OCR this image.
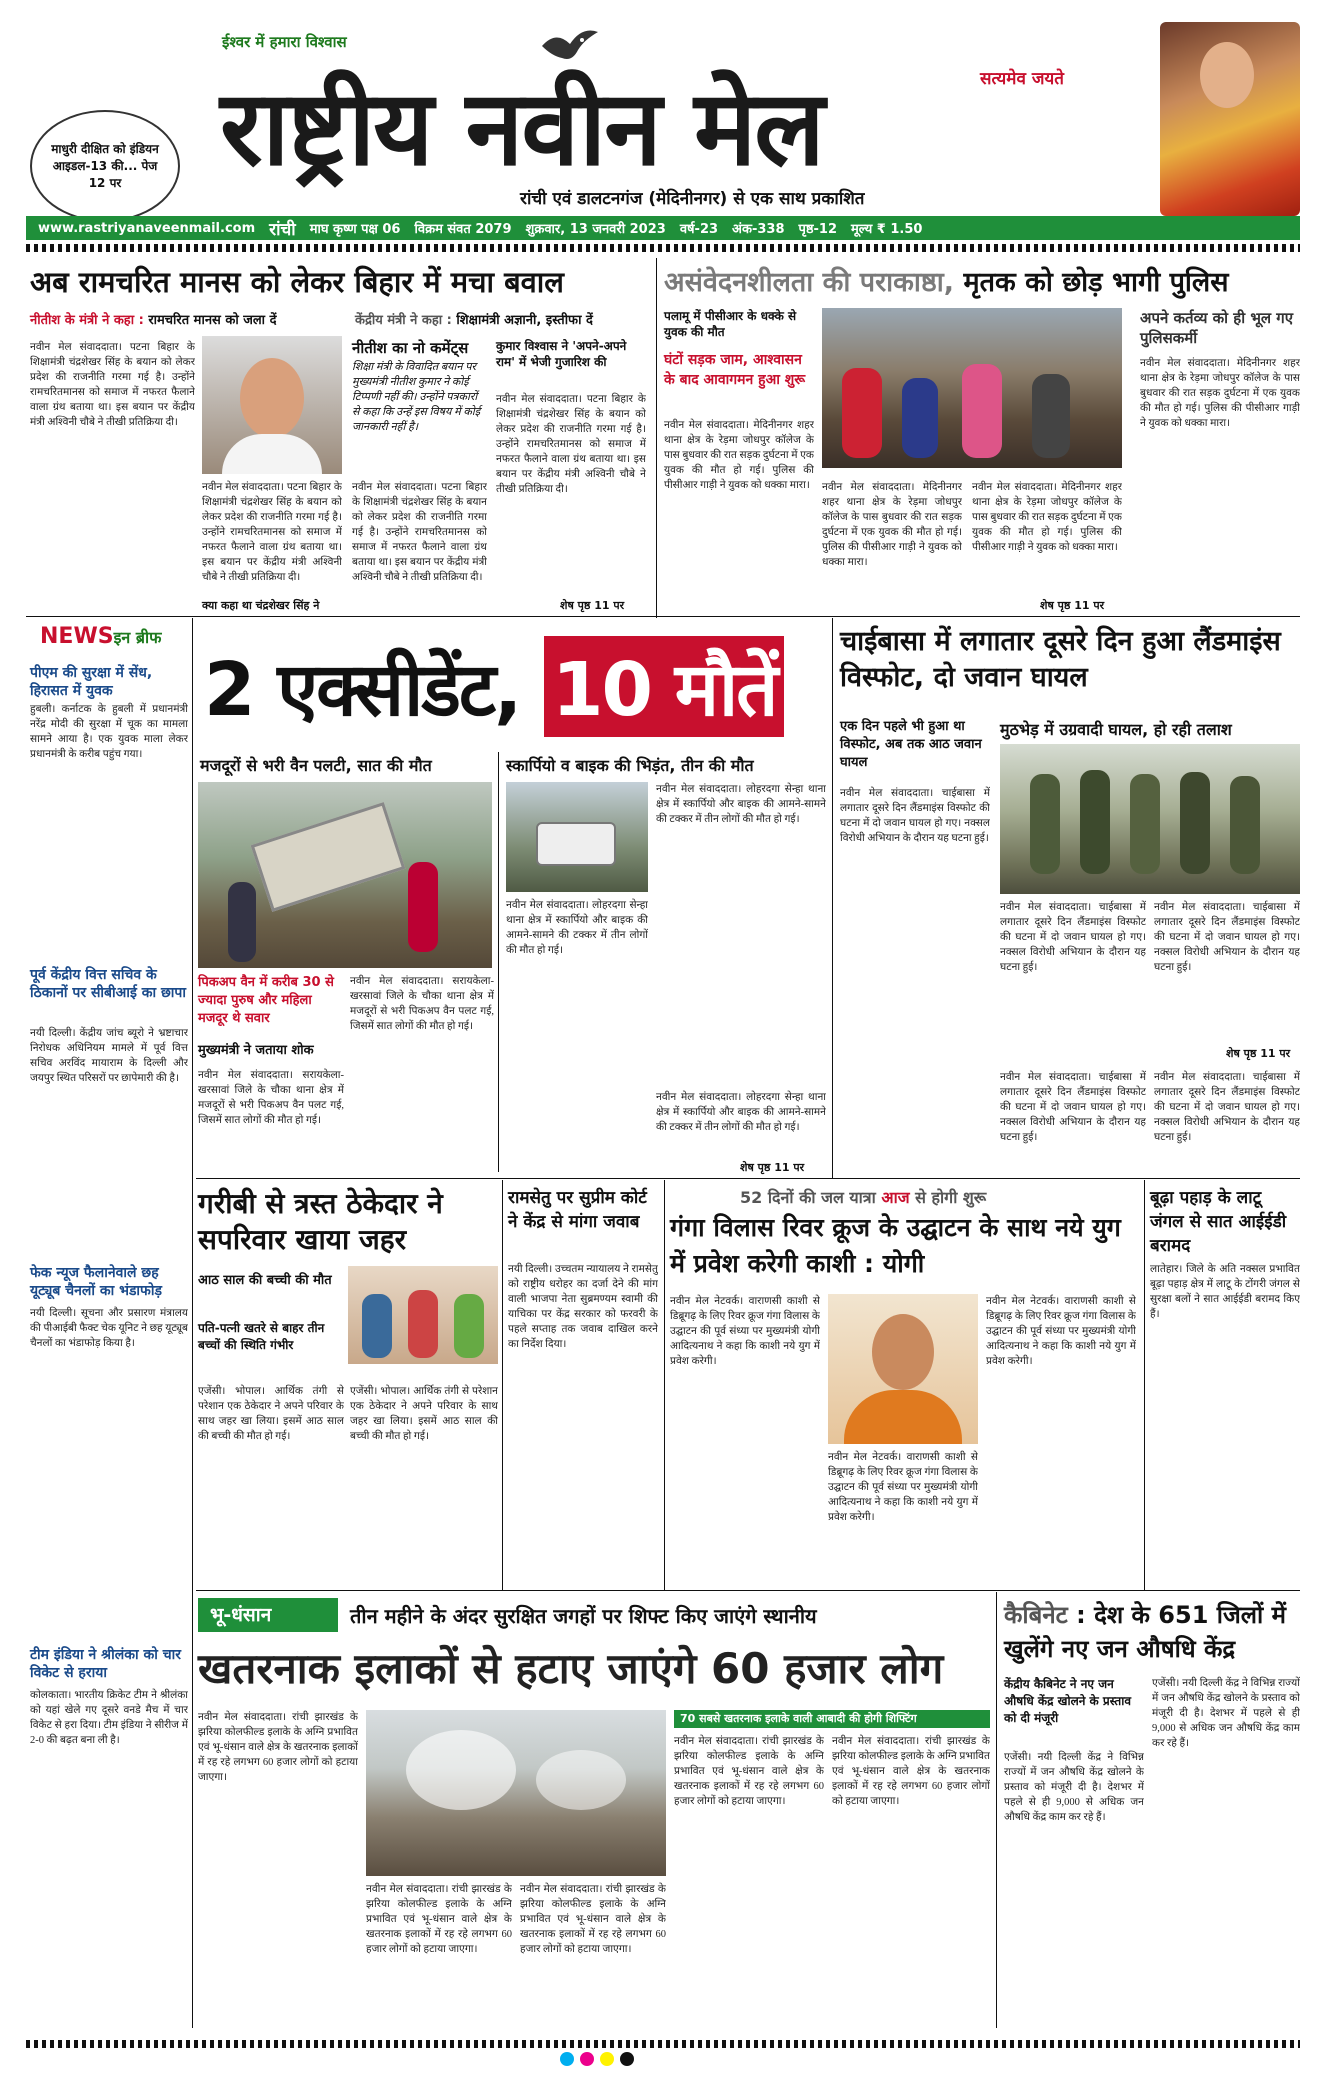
ईश्वर में हमारा विश्वास
सत्यमेव जयते
राष्ट्रीय नवीन मेल
रांची एवं डालटनगंज (मेदिनीनगर) से एक साथ प्रकाशित
माधुरी दीक्षित को इंडियन आइडल-13 की... पेज 12 पर
www.rastriyanaveenmail.com रांची माघ कृष्ण पक्ष 06 विक्रम संवत 2079 शुक्रवार, 13 जनवरी 2023 वर्ष-23 अंक-338 पृष्ठ-12 मूल्य ₹ 1.50
अब रामचरित मानस को लेकर बिहार में मचा बवाल
नीतीश के मंत्री ने कहा : रामचरित मानस को जला दें	केंद्रीय मंत्री ने कहा : शिक्षामंत्री अज्ञानी, इस्तीफा दें
नवीन मेल संवाददाता। पटना बिहार के शिक्षामंत्री चंद्रशेखर सिंह के बयान को लेकर प्रदेश की राजनीति गरमा गई है। उन्होंने रामचरितमानस को समाज में नफरत फैलाने वाला ग्रंथ बताया था। इस बयान पर केंद्रीय मंत्री अश्विनी चौबे ने तीखी प्रतिक्रिया दी।
नवीन मेल संवाददाता। पटना बिहार के शिक्षामंत्री चंद्रशेखर सिंह के बयान को लेकर प्रदेश की राजनीति गरमा गई है। उन्होंने रामचरितमानस को समाज में नफरत फैलाने वाला ग्रंथ बताया था। इस बयान पर केंद्रीय मंत्री अश्विनी चौबे ने तीखी प्रतिक्रिया दी।
नीतीश का नो कमेंट्स
शिक्षा मंत्री के विवादित बयान पर मुख्यमंत्री नीतीश कुमार ने कोई टिप्पणी नहीं की। उन्होंने पत्रकारों से कहा कि उन्हें इस विषय में कोई जानकारी नहीं है।
नवीन मेल संवाददाता। पटना बिहार के शिक्षामंत्री चंद्रशेखर सिंह के बयान को लेकर प्रदेश की राजनीति गरमा गई है। उन्होंने रामचरितमानस को समाज में नफरत फैलाने वाला ग्रंथ बताया था। इस बयान पर केंद्रीय मंत्री अश्विनी चौबे ने तीखी प्रतिक्रिया दी।
कुमार विश्वास ने 'अपने-अपने राम' में भेजी गुजारिश की
नवीन मेल संवाददाता। पटना बिहार के शिक्षामंत्री चंद्रशेखर सिंह के बयान को लेकर प्रदेश की राजनीति गरमा गई है। उन्होंने रामचरितमानस को समाज में नफरत फैलाने वाला ग्रंथ बताया था। इस बयान पर केंद्रीय मंत्री अश्विनी चौबे ने तीखी प्रतिक्रिया दी।
क्या कहा था चंद्रशेखर सिंह ने	शेष पृष्ठ 11 पर
असंवेदनशीलता की पराकाष्ठा, मृतक को छोड़ भागी पुलिस
पलामू में पीसीआर के धक्के से युवक की मौत
घंटों सड़क जाम, आश्वासन के बाद आवागमन हुआ शुरू
नवीन मेल संवाददाता। मेदिनीनगर शहर थाना क्षेत्र के रेड़मा जोधपुर कॉलेज के पास बुधवार की रात सड़क दुर्घटना में एक युवक की मौत हो गई। पुलिस की पीसीआर गाड़ी ने युवक को धक्का मारा।	नवीन मेल संवाददाता। मेदिनीनगर शहर थाना क्षेत्र के रेड़मा जोधपुर कॉलेज के पास बुधवार की रात सड़क दुर्घटना में एक युवक की मौत हो गई। पुलिस की पीसीआर गाड़ी ने युवक को धक्का मारा।
नवीन मेल संवाददाता। मेदिनीनगर शहर थाना क्षेत्र के रेड़मा जोधपुर कॉलेज के पास बुधवार की रात सड़क दुर्घटना में एक युवक की मौत हो गई। पुलिस की पीसीआर गाड़ी ने युवक को धक्का मारा।
अपने कर्तव्य को ही भूल गए पुलिसकर्मी
नवीन मेल संवाददाता। मेदिनीनगर शहर थाना क्षेत्र के रेड़मा जोधपुर कॉलेज के पास बुधवार की रात सड़क दुर्घटना में एक युवक की मौत हो गई। पुलिस की पीसीआर गाड़ी ने युवक को धक्का मारा।
शेष पृष्ठ 11 पर
NEWSइन ब्रीफ
पीएम की सुरक्षा में सेंध, हिरासत में युवक
हुबली। कर्नाटक के हुबली में प्रधानमंत्री नरेंद्र मोदी की सुरक्षा में चूक का मामला सामने आया है। एक युवक माला लेकर प्रधानमंत्री के करीब पहुंच गया।
पूर्व केंद्रीय वित्त सचिव के ठिकानों पर सीबीआई का छापा
नयी दिल्ली। केंद्रीय जांच ब्यूरो ने भ्रष्टाचार निरोधक अधिनियम मामले में पूर्व वित्त सचिव अरविंद मायाराम के दिल्ली और जयपुर स्थित परिसरों पर छापेमारी की है।
फेक न्यूज फैलानेवाले छह यूट्यूब चैनलों का भंडाफोड़
नयी दिल्ली। सूचना और प्रसारण मंत्रालय की पीआईबी फैक्ट चेक यूनिट ने छह यूट्यूब चैनलों का भंडाफोड़ किया है।
टीम इंडिया ने श्रीलंका को चार विकेट से हराया
कोलकाता। भारतीय क्रिकेट टीम ने श्रीलंका को यहां खेले गए दूसरे वनडे मैच में चार विकेट से हरा दिया। टीम इंडिया ने सीरीज में 2-0 की बढ़त बना ली है।
2 एक्सीडेंट,
10 मौतें
मजदूरों से भरी वैन पलटी, सात की मौत	स्कार्पियो व बाइक की भिड़ंत, तीन की मौत
पिकअप वैन में करीब 30 से ज्यादा पुरुष और महिला मजदूर थे सवार
मुख्यमंत्री ने जताया शोक
नवीन मेल संवाददाता। सरायकेला-खरसावां जिले के चौका थाना क्षेत्र में मजदूरों से भरी पिकअप वैन पलट गई, जिसमें सात लोगों की मौत हो गई।
नवीन मेल संवाददाता। सरायकेला-खरसावां जिले के चौका थाना क्षेत्र में मजदूरों से भरी पिकअप वैन पलट गई, जिसमें सात लोगों की मौत हो गई।
नवीन मेल संवाददाता। लोहरदगा सेन्हा थाना क्षेत्र में स्कार्पियो और बाइक की आमने-सामने की टक्कर में तीन लोगों की मौत हो गई।
नवीन मेल संवाददाता। लोहरदगा सेन्हा थाना क्षेत्र में स्कार्पियो और बाइक की आमने-सामने की टक्कर में तीन लोगों की मौत हो गई।
नवीन मेल संवाददाता। लोहरदगा सेन्हा थाना क्षेत्र में स्कार्पियो और बाइक की आमने-सामने की टक्कर में तीन लोगों की मौत हो गई।
शेष पृष्ठ 11 पर
चाईबासा में लगातार दूसरे दिन हुआ लैंडमाइंस विस्फोट, दो जवान घायल
एक दिन पहले भी हुआ था विस्फोट, अब तक आठ जवान घायल
मुठभेड़ में उग्रवादी घायल, हो रही तलाश
नवीन मेल संवाददाता। चाईबासा में लगातार दूसरे दिन लैंडमाइंस विस्फोट की घटना में दो जवान घायल हो गए। नक्सल विरोधी अभियान के दौरान यह घटना हुई।
नवीन मेल संवाददाता। चाईबासा में लगातार दूसरे दिन लैंडमाइंस विस्फोट की घटना में दो जवान घायल हो गए। नक्सल विरोधी अभियान के दौरान यह घटना हुई।
नवीन मेल संवाददाता। चाईबासा में लगातार दूसरे दिन लैंडमाइंस विस्फोट की घटना में दो जवान घायल हो गए। नक्सल विरोधी अभियान के दौरान यह घटना हुई।
नवीन मेल संवाददाता। चाईबासा में लगातार दूसरे दिन लैंडमाइंस विस्फोट की घटना में दो जवान घायल हो गए। नक्सल विरोधी अभियान के दौरान यह घटना हुई।
नवीन मेल संवाददाता। चाईबासा में लगातार दूसरे दिन लैंडमाइंस विस्फोट की घटना में दो जवान घायल हो गए। नक्सल विरोधी अभियान के दौरान यह घटना हुई।
शेष पृष्ठ 11 पर
गरीबी से त्रस्त ठेकेदार ने सपरिवार खाया जहर
आठ साल की बच्ची की मौत
पति-पत्नी खतरे से बाहर तीन बच्चों की स्थिति गंभीर
एजेंसी। भोपाल। आर्थिक तंगी से परेशान एक ठेकेदार ने अपने परिवार के साथ जहर खा लिया। इसमें आठ साल की बच्ची की मौत हो गई।
एजेंसी। भोपाल। आर्थिक तंगी से परेशान एक ठेकेदार ने अपने परिवार के साथ जहर खा लिया। इसमें आठ साल की बच्ची की मौत हो गई।
रामसेतु पर सुप्रीम कोर्ट ने केंद्र से मांगा जवाब
नयी दिल्ली। उच्चतम न्यायालय ने रामसेतु को राष्ट्रीय धरोहर का दर्जा देने की मांग वाली भाजपा नेता सुब्रमण्यम स्वामी की याचिका पर केंद्र सरकार को फरवरी के पहले सप्ताह तक जवाब दाखिल करने का निर्देश दिया।
52 दिनों की जल यात्रा आज से होगी शुरू
गंगा विलास रिवर क्रूज के उद्घाटन के साथ नये युग में प्रवेश करेगी काशी : योगी
नवीन मेल नेटवर्क। वाराणसी काशी से डिब्रूगढ़ के लिए रिवर क्रूज गंगा विलास के उद्घाटन की पूर्व संध्या पर मुख्यमंत्री योगी आदित्यनाथ ने कहा कि काशी नये युग में प्रवेश करेगी।
नवीन मेल नेटवर्क। वाराणसी काशी से डिब्रूगढ़ के लिए रिवर क्रूज गंगा विलास के उद्घाटन की पूर्व संध्या पर मुख्यमंत्री योगी आदित्यनाथ ने कहा कि काशी नये युग में प्रवेश करेगी।
नवीन मेल नेटवर्क। वाराणसी काशी से डिब्रूगढ़ के लिए रिवर क्रूज गंगा विलास के उद्घाटन की पूर्व संध्या पर मुख्यमंत्री योगी आदित्यनाथ ने कहा कि काशी नये युग में प्रवेश करेगी।
बूढ़ा पहाड़ के लाटू जंगल से सात आईईडी बरामद
लातेहार। जिले के अति नक्सल प्रभावित बूढ़ा पहाड़ क्षेत्र में लाटू के टोंगरी जंगल से सुरक्षा बलों ने सात आईईडी बरामद किए हैं।
भू-धंसान	तीन महीने के अंदर सुरक्षित जगहों पर शिफ्ट किए जाएंगे स्थानीय
खतरनाक इलाकों से हटाए जाएंगे 60 हजार लोग
नवीन मेल संवाददाता। रांची झारखंड के झरिया कोलफील्ड इलाके के अग्नि प्रभावित एवं भू-धंसान वाले क्षेत्र के खतरनाक इलाकों में रह रहे लगभग 60 हजार लोगों को हटाया जाएगा।
नवीन मेल संवाददाता। रांची झारखंड के झरिया कोलफील्ड इलाके के अग्नि प्रभावित एवं भू-धंसान वाले क्षेत्र के खतरनाक इलाकों में रह रहे लगभग 60 हजार लोगों को हटाया जाएगा।
नवीन मेल संवाददाता। रांची झारखंड के झरिया कोलफील्ड इलाके के अग्नि प्रभावित एवं भू-धंसान वाले क्षेत्र के खतरनाक इलाकों में रह रहे लगभग 60 हजार लोगों को हटाया जाएगा।
70 सबसे खतरनाक इलाके वाली आबादी की होगी शिफ्टिंग
नवीन मेल संवाददाता। रांची झारखंड के झरिया कोलफील्ड इलाके के अग्नि प्रभावित एवं भू-धंसान वाले क्षेत्र के खतरनाक इलाकों में रह रहे लगभग 60 हजार लोगों को हटाया जाएगा।
नवीन मेल संवाददाता। रांची झारखंड के झरिया कोलफील्ड इलाके के अग्नि प्रभावित एवं भू-धंसान वाले क्षेत्र के खतरनाक इलाकों में रह रहे लगभग 60 हजार लोगों को हटाया जाएगा।
कैबिनेट : देश के 651 जिलों में खुलेंगे नए जन औषधि केंद्र
केंद्रीय कैबिनेट ने नए जन औषधि केंद्र खोलने के प्रस्ताव को दी मंजूरी
एजेंसी। नयी दिल्ली केंद्र ने विभिन्न राज्यों में जन औषधि केंद्र खोलने के प्रस्ताव को मंजूरी दी है। देशभर में पहले से ही 9,000 से अधिक जन औषधि केंद्र काम कर रहे हैं।
एजेंसी। नयी दिल्ली केंद्र ने विभिन्न राज्यों में जन औषधि केंद्र खोलने के प्रस्ताव को मंजूरी दी है। देशभर में पहले से ही 9,000 से अधिक जन औषधि केंद्र काम कर रहे हैं।
